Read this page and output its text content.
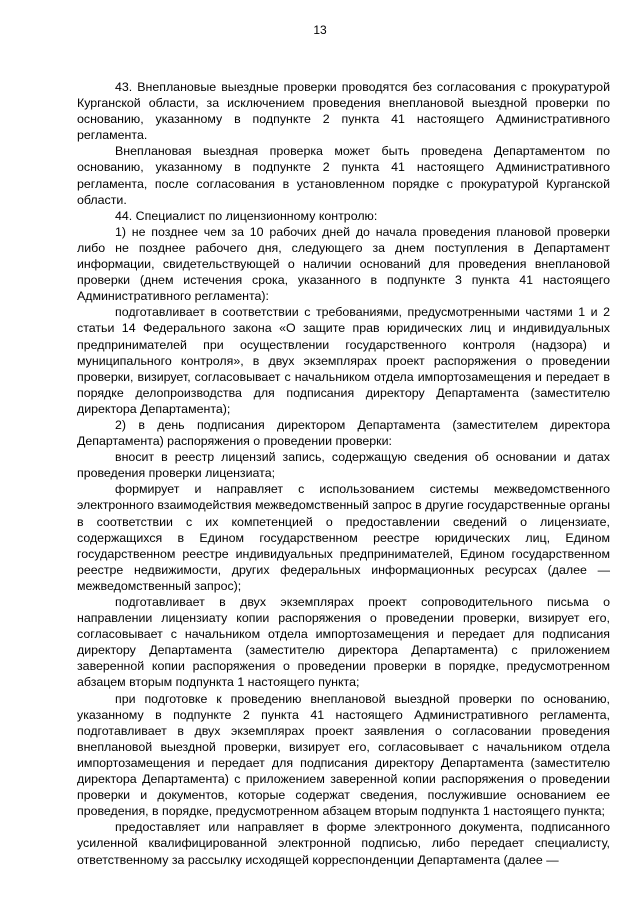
13

43. Внеплановые выездные проверки проводятся без согласования с прокуратурой Курганской области, за исключением проведения внеплановой выездной проверки по основанию, указанному в подпункте 2 пункта 41 настоящего Административного регламента.

Внеплановая выездная проверка может быть проведена Департаментом по основанию, указанному в подпункте 2 пункта 41 настоящего Административного регламента, после согласования в установленном порядке с прокуратурой Курганской области.

44. Специалист по лицензионному контролю:

1) не позднее чем за 10 рабочих дней до начала проведения плановой проверки либо не позднее рабочего дня, следующего за днем поступления в Департамент информации, свидетельствующей о наличии оснований для проведения внеплановой проверки (днем истечения срока, указанного в подпункте 3 пункта 41 настоящего Административного регламента):

подготавливает в соответствии с требованиями, предусмотренными частями 1 и 2 статьи 14 Федерального закона «О защите прав юридических лиц и индивидуальных предпринимателей при осуществлении государственного контроля (надзора) и муниципального контроля», в двух экземплярах проект распоряжения о проведении проверки, визирует, согласовывает с начальником отдела импортозамещения и передает в порядке делопроизводства для подписания директору Департамента (заместителю директора Департамента);

2) в день подписания директором Департамента (заместителем директора Департамента) распоряжения о проведении проверки:

вносит в реестр лицензий запись, содержащую сведения об основании и датах проведения проверки лицензиата;

формирует и направляет с использованием системы межведомственного электронного взаимодействия межведомственный запрос в другие государственные органы в соответствии с их компетенцией о предоставлении сведений о лицензиате, содержащихся в Едином государственном реестре юридических лиц, Едином государственном реестре индивидуальных предпринимателей, Едином государственном реестре недвижимости, других федеральных информационных ресурсах (далее — межведомственный запрос);

подготавливает в двух экземплярах проект сопроводительного письма о направлении лицензиату копии распоряжения о проведении проверки, визирует его, согласовывает с начальником отдела импортозамещения и передает для подписания директору Департамента (заместителю директора Департамента) с приложением заверенной копии распоряжения о проведении проверки в порядке, предусмотренном абзацем вторым подпункта 1 настоящего пункта;

при подготовке к проведению внеплановой выездной проверки по основанию, указанному в подпункте 2 пункта 41 настоящего Административного регламента, подготавливает в двух экземплярах проект заявления о согласовании проведения внеплановой выездной проверки, визирует его, согласовывает с начальником отдела импортозамещения и передает для подписания директору Департамента (заместителю директора Департамента) с приложением заверенной копии распоряжения о проведении проверки и документов, которые содержат сведения, послужившие основанием ее проведения, в порядке, предусмотренном абзацем вторым подпункта 1 настоящего пункта;

предоставляет или направляет в форме электронного документа, подписанного усиленной квалифицированной электронной подписью, либо передает специалисту, ответственному за рассылку исходящей корреспонденции Департамента (далее —
